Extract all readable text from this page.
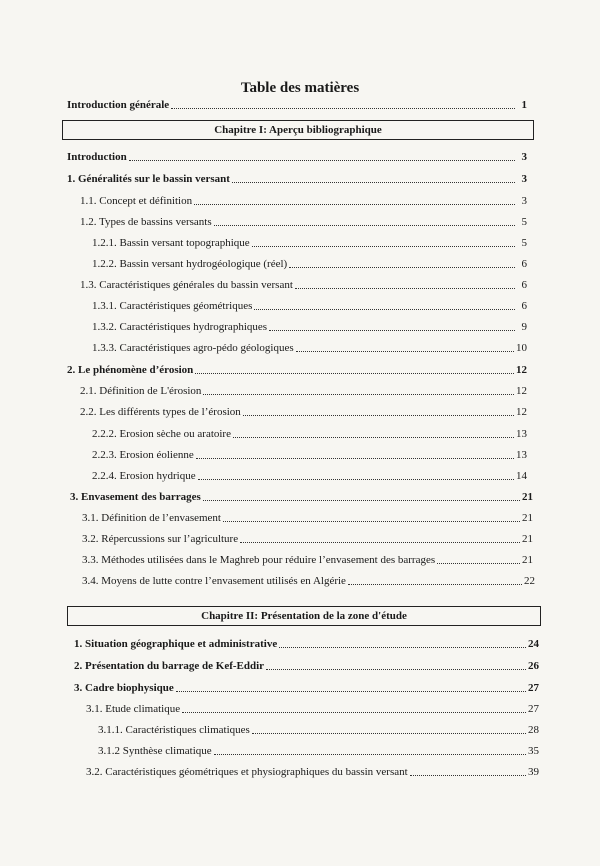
Table des matières
Introduction générale	1
Chapitre I: Aperçu bibliographique
Introduction	3
1. Généralités sur le bassin versant	3
1.1. Concept et définition	3
1.2. Types de bassins versants	5
1.2.1. Bassin versant topographique	5
1.2.2. Bassin versant hydrogéologique (réel)	6
1.3. Caractéristiques générales du bassin versant	6
1.3.1. Caractéristiques géométriques	6
1.3.2. Caractéristiques hydrographiques	9
1.3.3. Caractéristiques agro-pédo géologiques	10
2. Le phénomène d’érosion	12
2.1. Définition de L'érosion	12
2.2. Les différents types de l’érosion	12
2.2.2. Erosion sèche ou aratoire	13
2.2.3. Erosion éolienne	13
2.2.4. Erosion hydrique	14
3. Envasement des barrages	21
3.1. Définition de l’envasement	21
3.2. Répercussions sur l’agriculture	21
3.3. Méthodes utilisées dans le Maghreb pour réduire l’envasement des barrages	21
3.4. Moyens de lutte contre l’envasement utilisés en Algérie	22
Chapitre II: Présentation de la zone d'étude
1. Situation géographique et administrative	24
2. Présentation du barrage de Kef-Eddir	26
3. Cadre biophysique	27
3.1. Etude climatique	27
3.1.1. Caractéristiques climatiques	28
3.1.2 Synthèse climatique	35
3.2. Caractéristiques géométriques et physiographiques du bassin versant	39
